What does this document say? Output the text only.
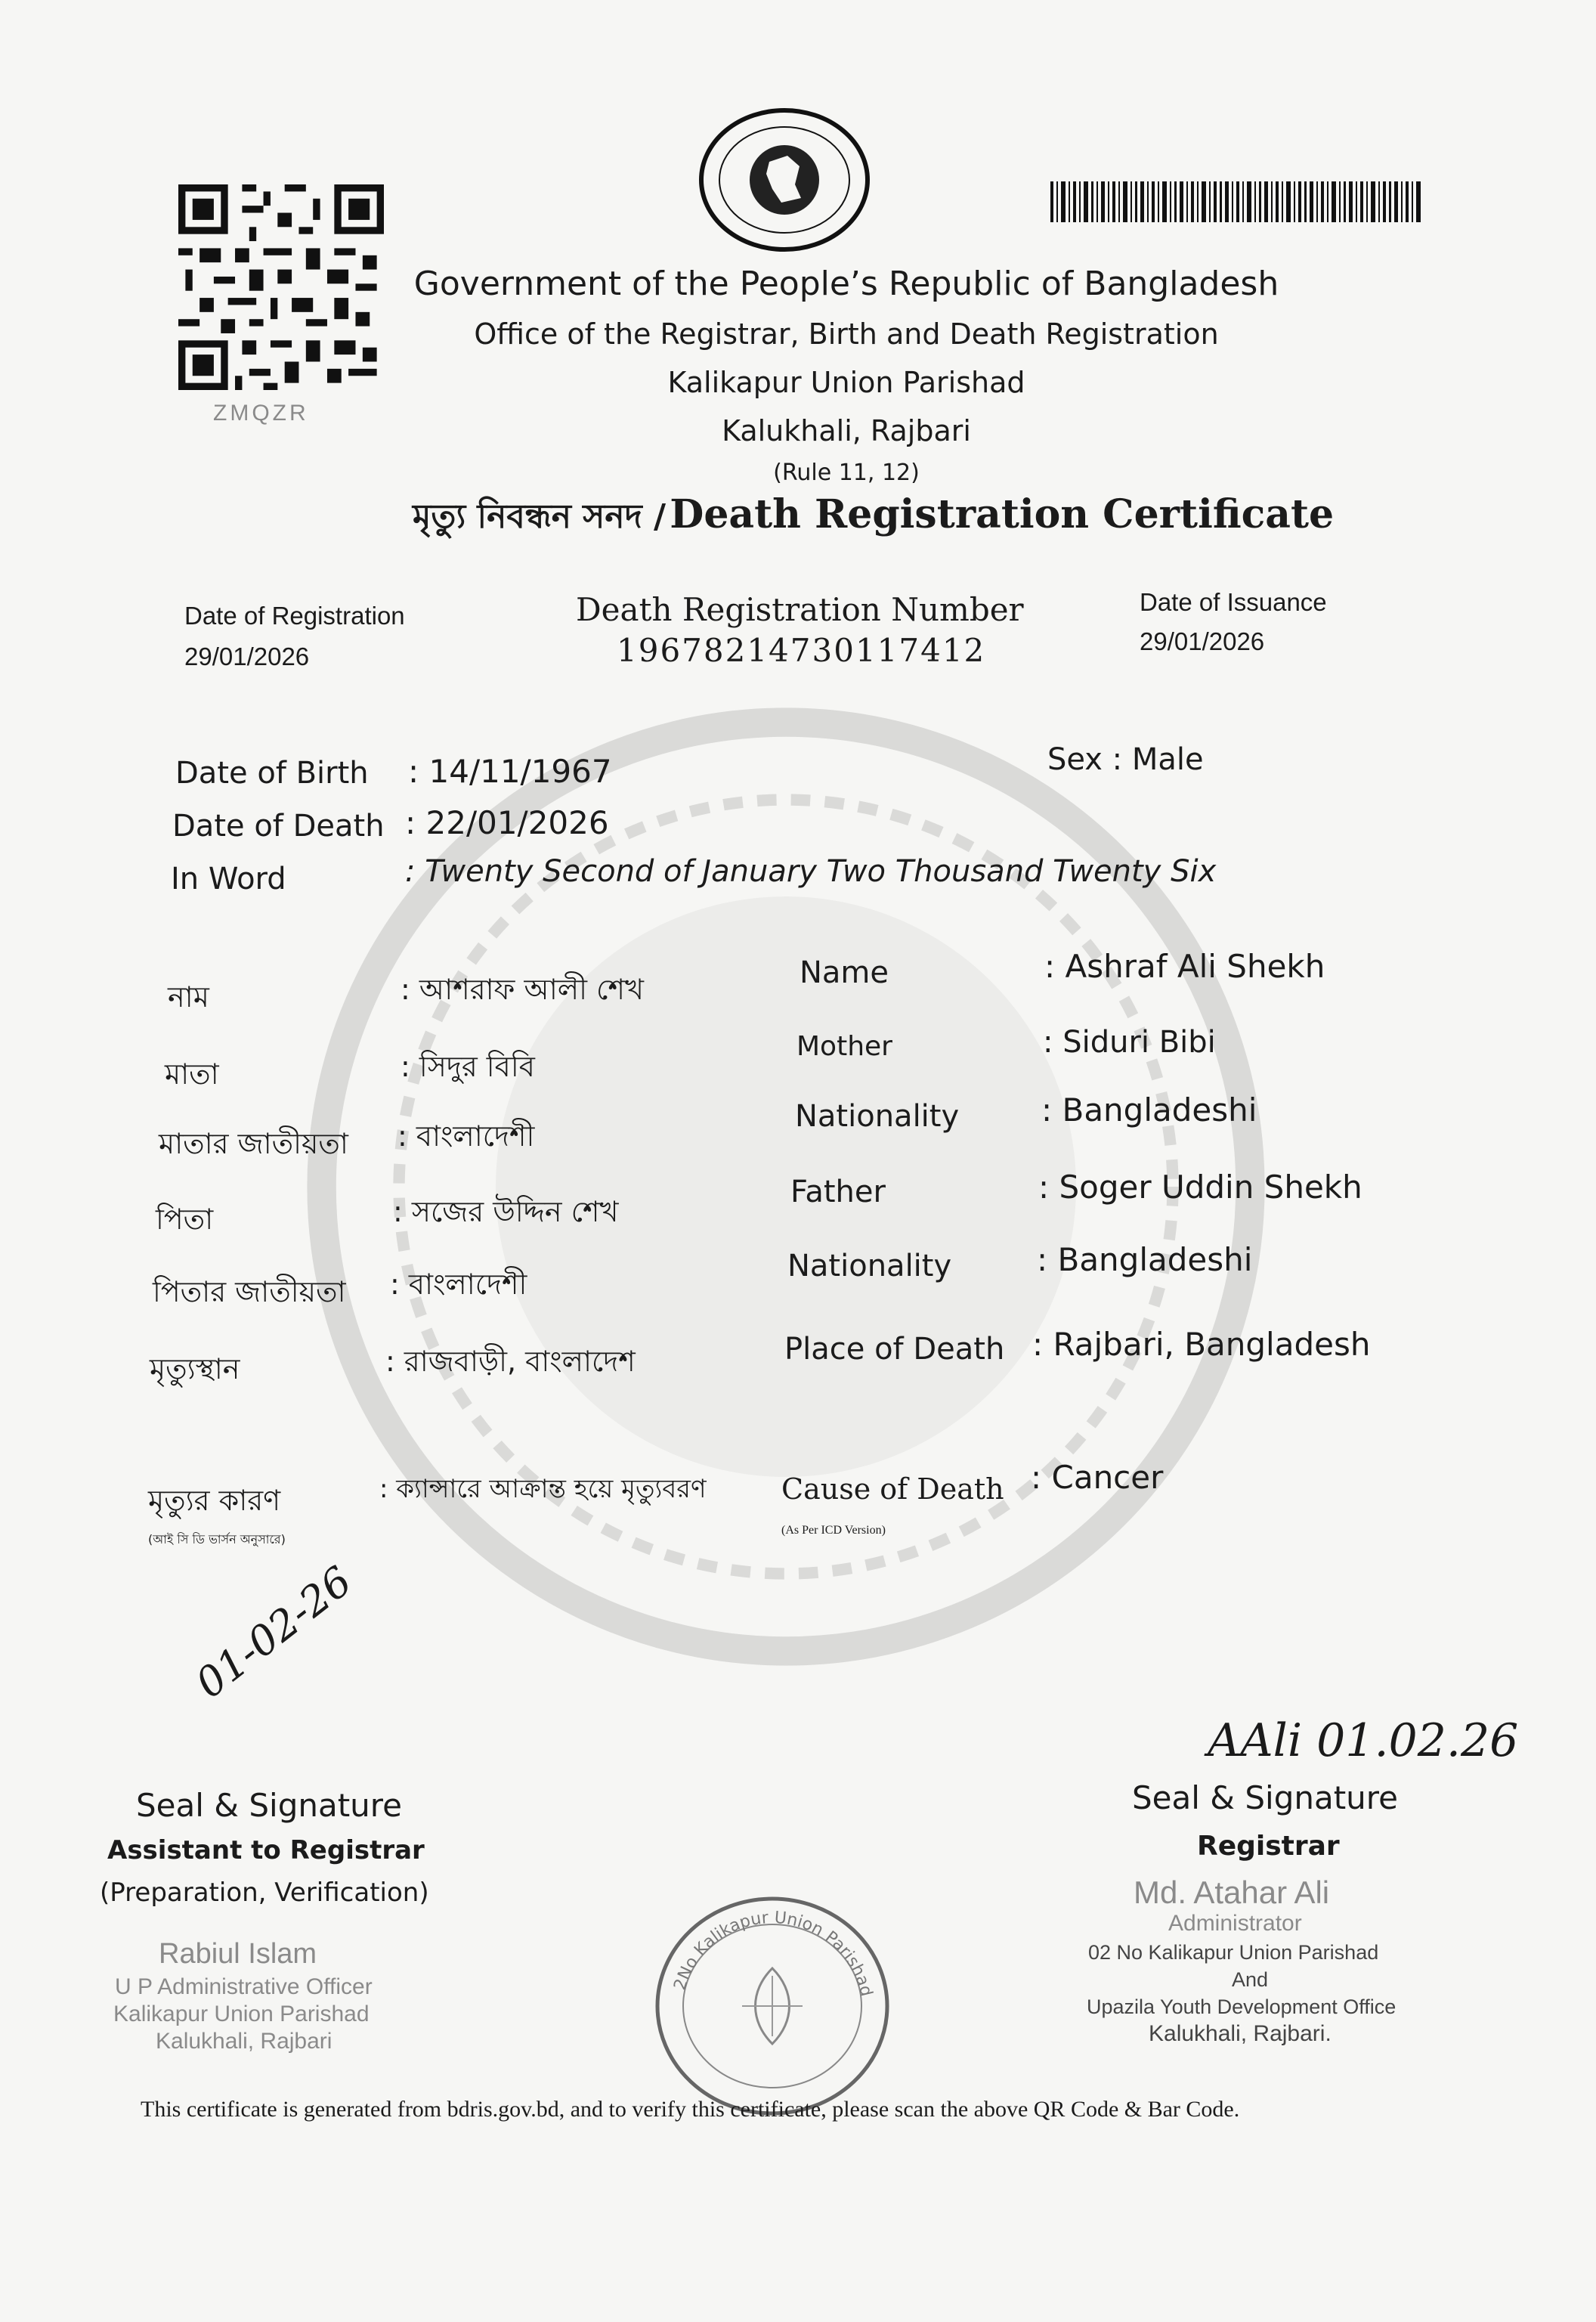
ZMQZR
Government of the People’s Republic of Bangladesh
Office of the Registrar, Birth and Death Registration
Kalikapur Union Parishad
Kalukhali, Rajbari
(Rule 11, 12)
মৃত্যু নিবন্ধন সনদ / Death Registration Certificate
Date of Registration
29/01/2026
Death Registration Number
19678214730117412
Date of Issuance
29/01/2026
Date of Birth : 14/11/1967
Date of Death : 22/01/2026
In Word	: Twenty Second of January Two Thousand Twenty Six
Sex : Male
নাম	: আশরাফ আলী শেখ
মাতা	: সিদুর বিবি
মাতার জাতীয়তা : বাংলাদেশী
পিতা	: সজের উদ্দিন শেখ
পিতার জাতীয়তা : বাংলাদেশী
মৃত্যুস্থান	: রাজবাড়ী, বাংলাদেশ
মৃত্যুর কারণ	: ক্যান্সারে আক্রান্ত হয়ে মৃত্যুবরণ
(আই সি ডি ভার্সন অনুসারে)
Name	: Ashraf Ali Shekh
Mother	: Siduri Bibi
Nationality	: Bangladeshi
Father	: Soger Uddin Shekh
Nationality	: Bangladeshi
Place of Death : Rajbari, Bangladesh
Cause of Death : Cancer
(As Per ICD Version)
01-02-26
Seal & Signature
Assistant to Registrar
(Preparation, Verification)
Rabiul Islam
U P Administrative Officer
Kalikapur Union Parishad
Kalukhali, Rajbari
2No Kalikapur Union Parishad
AAli 01.02.26
Seal & Signature
Registrar
Md. Atahar Ali
Administrator
02 No Kalikapur Union Parishad
And
Upazila Youth Development Office
Kalukhali, Rajbari.
This certificate is generated from bdris.gov.bd, and to verify this certificate, please scan the above QR Code & Bar Code.
